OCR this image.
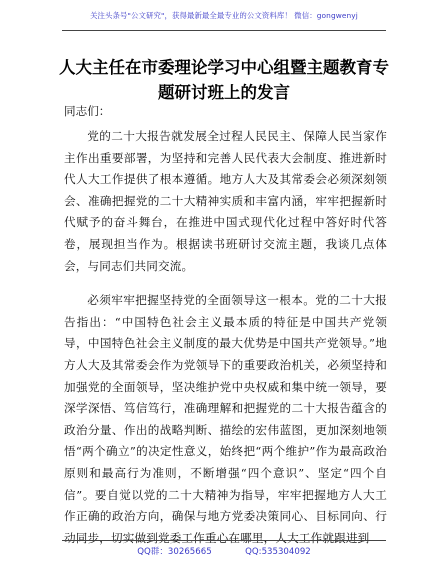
关注头条号"公文研究"，获得最新最全最专业的公文资料库！ 微信：gongwenyj
人大主任在市委理论学习中心组暨主题教育专
题研讨班上的发言
同志们：

党的二十大报告就发展全过程人民民主、保障人民当家作主作出重要部署，为坚持和完善人民代表大会制度、推进新时代人大工作提供了根本遵循。地方人大及其常委会必须深刻领会、准确把握党的二十大精神实质和丰富内涵，牢牢把握新时代赋予的奋斗舞台，在推进中国式现代化过程中答好时代答卷，展现担当作为。根据读书班研讨交流主题，我谈几点体会，与同志们共同交流。

必须牢牢把握坚持党的全面领导这一根本。党的二十大报告指出：“中国特色社会主义最本质的特征是中国共产党领导，中国特色社会主义制度的最大优势是中国共产党领导。”地方人大及其常委会作为党领导下的重要政治机关，必须坚持和加强党的全面领导，坚决维护党中央权威和集中统一领导，要深学深悟、笃信笃行，准确理解和把握党的二十大报告蕴含的政治分量、作出的战略判断、描绘的宏伟蓝图，更加深刻地领悟“两个确立”的决定性意义，始终把“两个维护”作为最高政治原则和最高行为准则，不断增强“四个意识”、坚定“四个自信”。要自觉以党的二十大精神为指导，牢牢把握地方人大工作正确的政治方向，确保与地方党委决策同心、目标同向、行动同步，切实做到党委工作重心在哪里，人大工作就跟进到

QQ群：30265665	QQ:535304092
